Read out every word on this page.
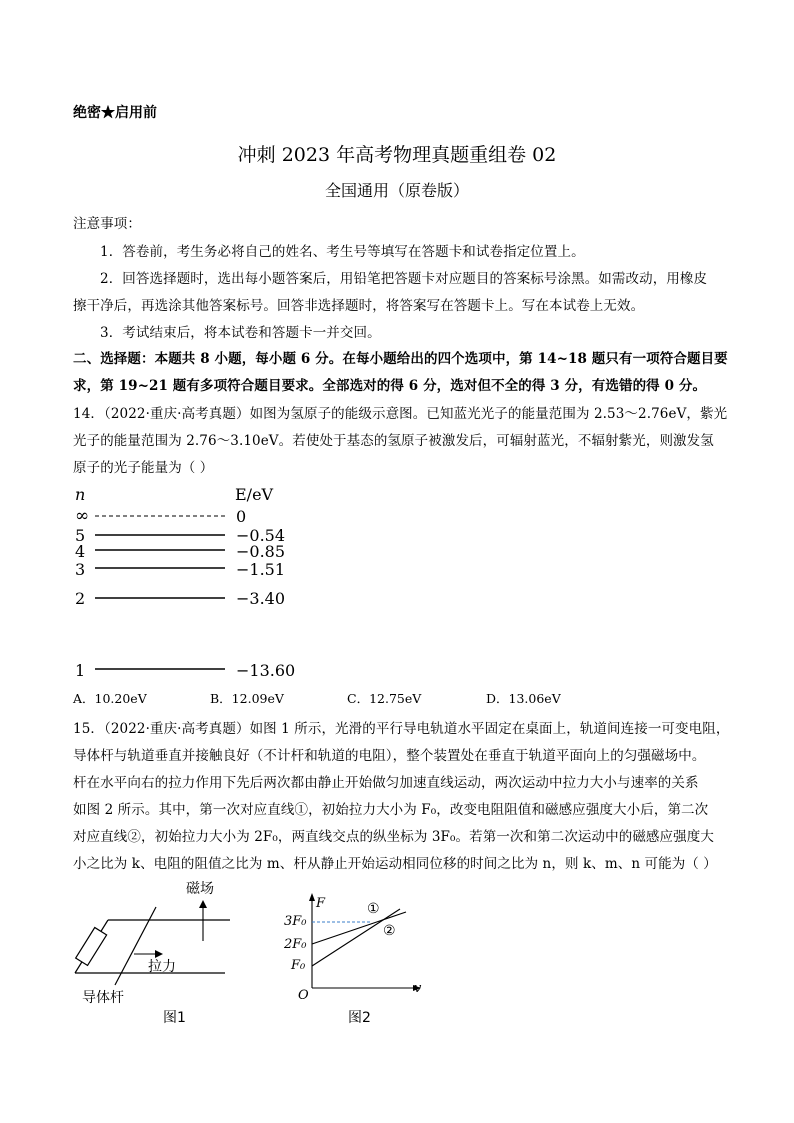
绝密★启用前
冲刺 2023 年高考物理真题重组卷 02
全国通用（原卷版）
注意事项：
1．答卷前，考生务必将自己的姓名、考生号等填写在答题卡和试卷指定位置上。
2．回答选择题时，选出每小题答案后，用铅笔把答题卡对应题目的答案标号涂黑。如需改动，用橡皮
擦干净后，再选涂其他答案标号。回答非选择题时，将答案写在答题卡上。写在本试卷上无效。
3．考试结束后，将本试卷和答题卡一并交回。
二、选择题：本题共 8 小题，每小题 6 分。在每小题给出的四个选项中，第 14~18 题只有一项符合题目要
求，第 19~21 题有多项符合题目要求。全部选对的得 6 分，选对但不全的得 3 分，有选错的得 0 分。
14．（2022·重庆·高考真题）如图为氢原子的能级示意图。已知蓝光光子的能量范围为 2.53～2.76eV，紫光
光子的能量范围为 2.76～3.10eV。若使处于基态的氢原子被激发后，可辐射蓝光，不辐射紫光，则激发氢
原子的光子能量为（ ）
n	E/eV
∞	0
5	−0.54
4	−0.85
3	−1.51
2	−3.40
1	−13.60
A．10.20eV	B．12.09eV	C．12.75eV	D．13.06eV
15．（2022·重庆·高考真题）如图 1 所示，光滑的平行导电轨道水平固定在桌面上，轨道间连接一可变电阻，
导体杆与轨道垂直并接触良好（不计杆和轨道的电阻），整个装置处在垂直于轨道平面向上的匀强磁场中。
杆在水平向右的拉力作用下先后两次都由静止开始做匀加速直线运动，两次运动中拉力大小与速率的关系
如图 2 所示。其中，第一次对应直线①，初始拉力大小为 F₀，改变电阻阻值和磁感应强度大小后，第二次
对应直线②，初始拉力大小为 2F₀，两直线交点的纵坐标为 3F₀。若第一次和第二次运动中的磁感应强度大
小之比为 k、电阻的阻值之比为 m、杆从静止开始运动相同位移的时间之比为 n，则 k、m、n 可能为（ ）
磁场
拉力
导体杆
图1
F
v
O
3F₀
2F₀
F₀
①
②
图2
